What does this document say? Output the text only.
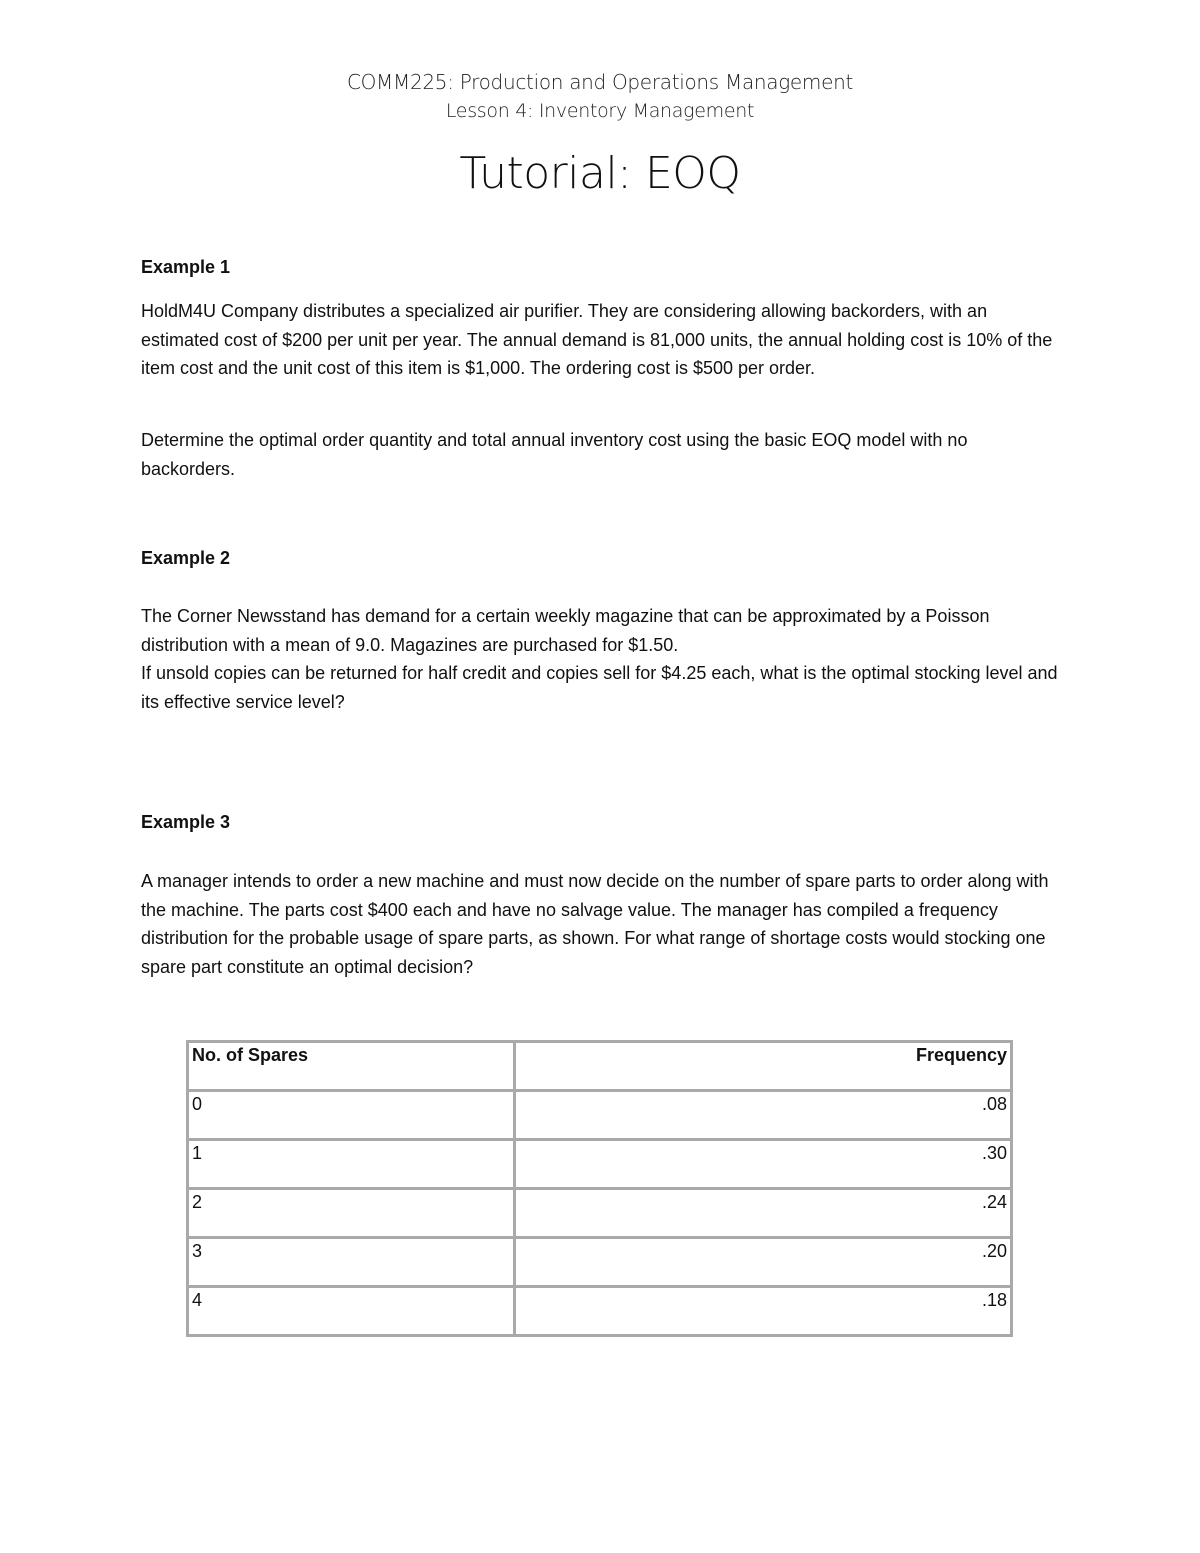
COMM225: Production and Operations Management
Lesson 4: Inventory Management
Tutorial: EOQ
Example 1
HoldM4U Company distributes a specialized air purifier. They are considering allowing backorders, with an estimated cost of $200 per unit per year. The annual demand is 81,000 units, the annual holding cost is 10% of the item cost and the unit cost of this item is $1,000. The ordering cost is $500 per order.
Determine the optimal order quantity and total annual inventory cost using the basic EOQ model with no backorders.
Example 2
The Corner Newsstand has demand for a certain weekly magazine that can be approximated by a Poisson distribution with a mean of 9.0. Magazines are purchased for $1.50.
If unsold copies can be returned for half credit and copies sell for $4.25 each, what is the optimal stocking level and its effective service level?
Example 3
A manager intends to order a new machine and must now decide on the number of spare parts to order along with the machine. The parts cost $400 each and have no salvage value. The manager has compiled a frequency distribution for the probable usage of spare parts, as shown. For what range of shortage costs would stocking one spare part constitute an optimal decision?
No. of Spares	Frequency
0	.08
1	.30
2	.24
3	.20
4	.18
